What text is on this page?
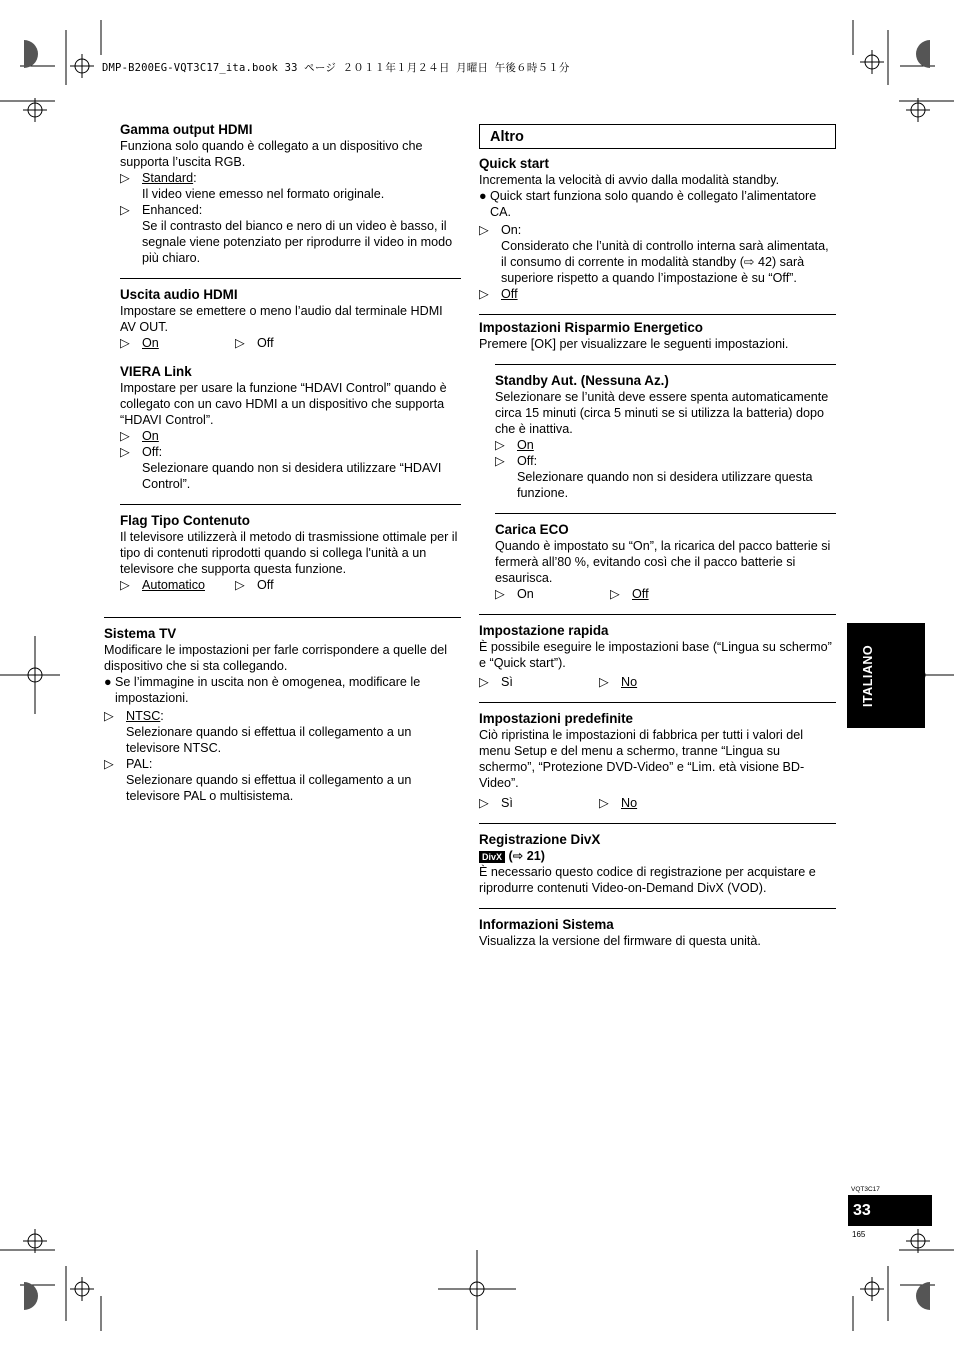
DMP-B200EG-VQT3C17_ita.book 33 ページ ２０１１年１月２４日 月曜日 午後６時５１分
Gamma output HDMI

Funziona solo quando è collegato a un dispositivo che supporta l’uscita RGB.

▷ Standard:
Il video viene emesso nel formato originale.
▷ Enhanced:
Se il contrasto del bianco e nero di un video è basso, il segnale viene potenziato per riprodurre il video in modo più chiaro.
Uscita audio HDMI

Impostare se emettere o meno l’audio dal terminale HDMI AV OUT.

▷ On	▷ Off
VIERA Link

Impostare per usare la funzione “HDAVI Control” quando è collegato con un cavo HDMI a un dispositivo che supporta “HDAVI Control”.

▷ On
▷ Off:
Selezionare quando non si desidera utilizzare “HDAVI Control”.
Flag Tipo Contenuto

Il televisore utilizzerà il metodo di trasmissione ottimale per il tipo di contenuti riprodotti quando si collega l'unità a un televisore che supporta questa funzione.

▷ Automatico ▷ Off
Sistema TV

Modificare le impostazioni per farle corrispondere a quelle del dispositivo che si sta collegando.

● Se l’immagine in uscita non è omogenea, modificare le impostazioni.
▷ NTSC:
Selezionare quando si effettua il collegamento a un televisore NTSC.
▷ PAL:
Selezionare quando si effettua il collegamento a un televisore PAL o multisistema.
Altro
Quick start

Incrementa la velocità di avvio dalla modalità standby.

● Quick start funziona solo quando è collegato l’alimentatore CA.
▷ On:
Considerato che l’unità di controllo interna sarà alimentata, il consumo di corrente in modalità standby (⇨ 42) sarà superiore rispetto a quando l’impostazione è su “Off”.
▷ Off
Impostazioni Risparmio Energetico

Premere [OK] per visualizzare le seguenti impostazioni.

Standby Aut. (Nessuna Az.)

Selezionare se l’unità deve essere spenta automaticamente circa 15 minuti (circa 5 minuti se si utilizza la batteria) dopo che è inattiva.

▷ On
▷ Off:
Selezionare quando non si desidera utilizzare questa funzione.
Carica ECO

Quando è impostato su “On”, la ricarica del pacco batterie si fermerà all’80 %, evitando così che il pacco batterie si esaurisca.

▷ On	▷ Off
Impostazione rapida

È possibile eseguire le impostazioni base (“Lingua su schermo” e “Quick start”).

▷ Sì	▷ No
Impostazioni predefinite

Ciò ripristina le impostazioni di fabbrica per tutti i valori del menu Setup e del menu a schermo, tranne “Lingua su schermo”, “Protezione DVD-Video” e “Lim. età visione BD-Video”.

▷ Sì	▷ No
Registrazione DivX
DivX (⇨ 21)

È necessario questo codice di registrazione per acquistare e riprodurre contenuti Video-on-Demand DivX (VOD).

Informazioni Sistema

Visualizza la versione del firmware di questa unità.

ITALIANO
VQT3C17
33
165
